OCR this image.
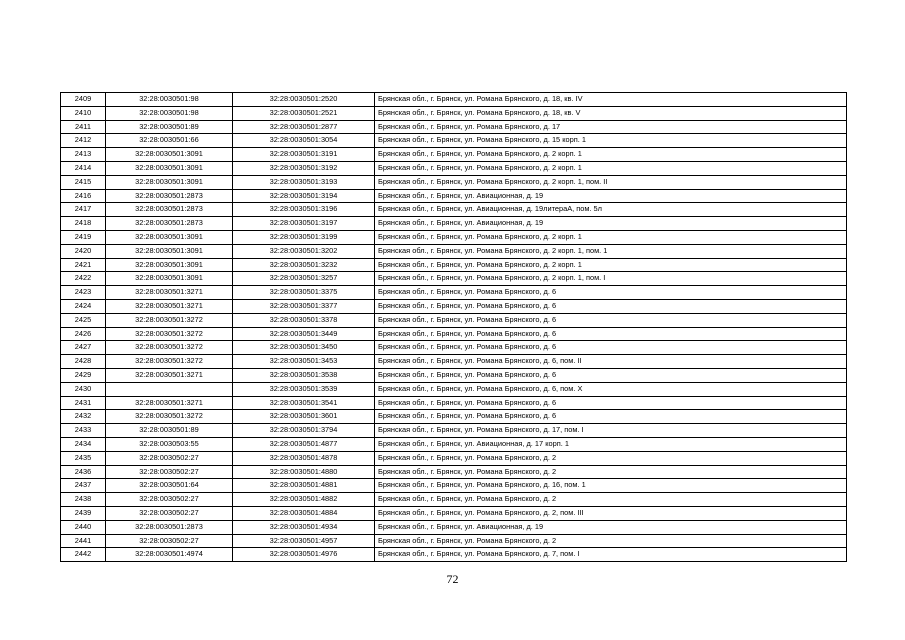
2409	32:28:0030501:98	32:28:0030501:2520	Брянская обл., г. Брянск, ул. Романа Брянского, д. 18, кв. IV
2410	32:28:0030501:98	32:28:0030501:2521	Брянская обл., г. Брянск, ул. Романа Брянского, д. 18, кв. V
2411	32:28:0030501:89	32:28:0030501:2877	Брянская обл., г. Брянск, ул. Романа Брянского, д. 17
2412	32:28:0030501:66	32:28:0030501:3054	Брянская обл., г. Брянск, ул. Романа Брянского, д. 15 корп. 1
2413	32:28:0030501:3091	32:28:0030501:3191	Брянская обл., г. Брянск, ул. Романа Брянского, д. 2 корп. 1
2414	32:28:0030501:3091	32:28:0030501:3192	Брянская обл., г. Брянск, ул. Романа Брянского, д. 2 корп. 1
2415	32:28:0030501:3091	32:28:0030501:3193	Брянская обл., г. Брянск, ул. Романа Брянского, д. 2 корп. 1, пом. II
2416	32:28:0030501:2873	32:28:0030501:3194	Брянская обл., г. Брянск, ул. Авиационная, д. 19
2417	32:28:0030501:2873	32:28:0030501:3196	Брянская обл., г. Брянск, ул. Авиационная, д. 19литераА, пом. 5л
2418	32:28:0030501:2873	32:28:0030501:3197	Брянская обл., г. Брянск, ул. Авиационная, д. 19
2419	32:28:0030501:3091	32:28:0030501:3199	Брянская обл., г. Брянск, ул. Романа Брянского, д. 2 корп. 1
2420	32:28:0030501:3091	32:28:0030501:3202	Брянская обл., г. Брянск, ул. Романа Брянского, д. 2 корп. 1, пом. 1
2421	32:28:0030501:3091	32:28:0030501:3232	Брянская обл., г. Брянск, ул. Романа Брянского, д. 2 корп. 1
2422	32:28:0030501:3091	32:28:0030501:3257	Брянская обл., г. Брянск, ул. Романа Брянского, д. 2 корп. 1, пом. I
2423	32:28:0030501:3271	32:28:0030501:3375	Брянская обл., г. Брянск, ул. Романа Брянского, д. 6
2424	32:28:0030501:3271	32:28:0030501:3377	Брянская обл., г. Брянск, ул. Романа Брянского, д. 6
2425	32:28:0030501:3272	32:28:0030501:3378	Брянская обл., г. Брянск, ул. Романа Брянского, д. 6
2426	32:28:0030501:3272	32:28:0030501:3449	Брянская обл., г. Брянск, ул. Романа Брянского, д. 6
2427	32:28:0030501:3272	32:28:0030501:3450	Брянская обл., г. Брянск, ул. Романа Брянского, д. 6
2428	32:28:0030501:3272	32:28:0030501:3453	Брянская обл., г. Брянск, ул. Романа Брянского, д. 6, пом. II
2429	32:28:0030501:3271	32:28:0030501:3538	Брянская обл., г. Брянск, ул. Романа Брянского, д. 6
2430		32:28:0030501:3539	Брянская обл., г. Брянск, ул. Романа Брянского, д. 6, пом. X
2431	32:28:0030501:3271	32:28:0030501:3541	Брянская обл., г. Брянск, ул. Романа Брянского, д. 6
2432	32:28:0030501:3272	32:28:0030501:3601	Брянская обл., г. Брянск, ул. Романа Брянского, д. 6
2433	32:28:0030501:89	32:28:0030501:3794	Брянская обл., г. Брянск, ул. Романа Брянского, д. 17, пом. I
2434	32:28:0030503:55	32:28:0030501:4877	Брянская обл., г. Брянск, ул. Авиационная, д. 17 корп. 1
2435	32:28:0030502:27	32:28:0030501:4878	Брянская обл., г. Брянск, ул. Романа Брянского, д. 2
2436	32:28:0030502:27	32:28:0030501:4880	Брянская обл., г. Брянск, ул. Романа Брянского, д. 2
2437	32:28:0030501:64	32:28:0030501:4881	Брянская обл., г. Брянск, ул. Романа Брянского, д. 16, пом. 1
2438	32:28:0030502:27	32:28:0030501:4882	Брянская обл., г. Брянск, ул. Романа Брянского, д. 2
2439	32:28:0030502:27	32:28:0030501:4884	Брянская обл., г. Брянск, ул. Романа Брянского, д. 2, пом. III
2440	32:28:0030501:2873	32:28:0030501:4934	Брянская обл., г. Брянск, ул. Авиационная, д. 19
2441	32:28:0030502:27	32:28:0030501:4957	Брянская обл., г. Брянск, ул. Романа Брянского, д. 2
2442	32:28:0030501:4974	32:28:0030501:4976	Брянская обл., г. Брянск, ул. Романа Брянского, д. 7, пом. I
72
